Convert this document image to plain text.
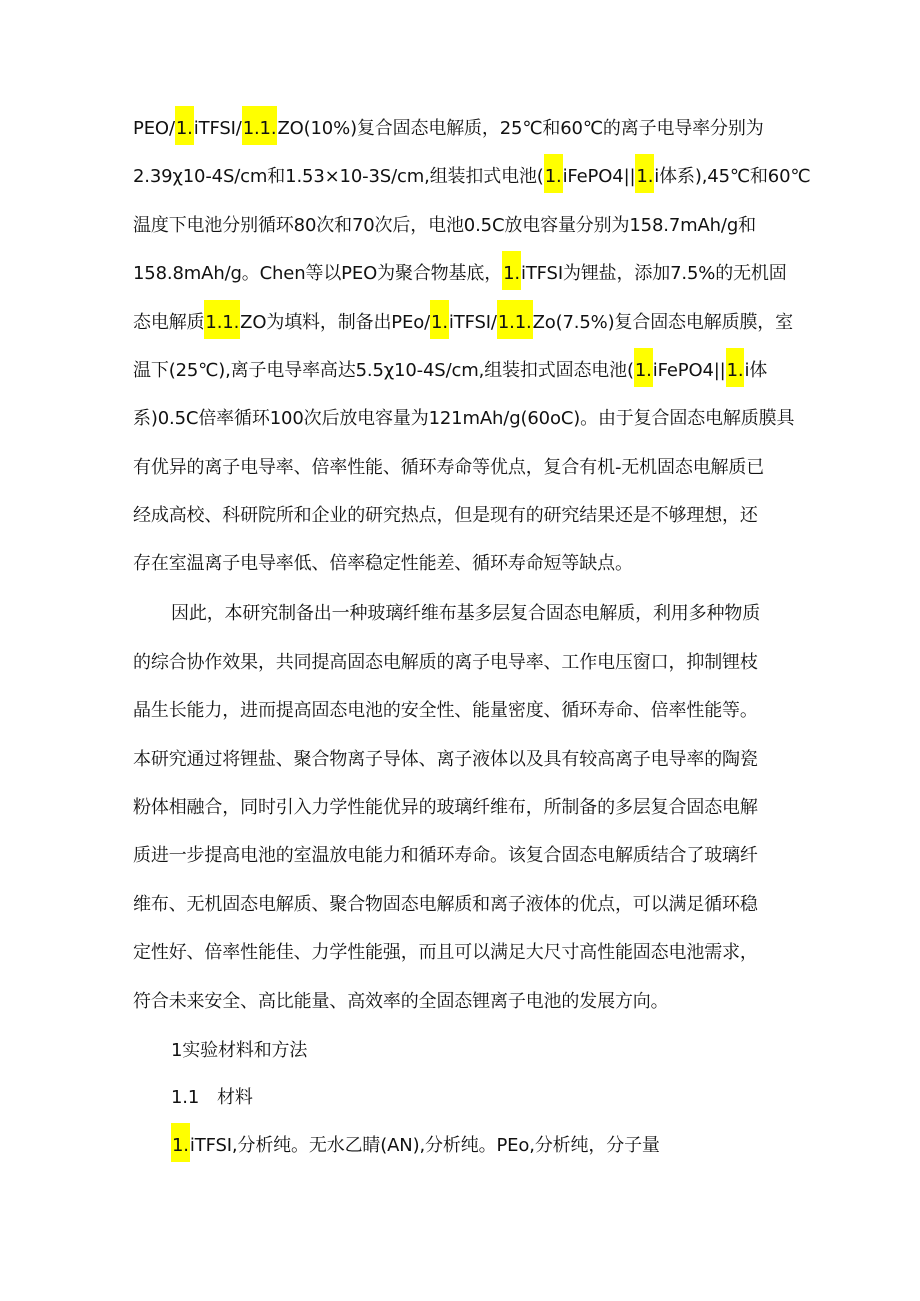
PEO/1.iTFSI/1.1.ZO(10%)复合固态电解质，25℃和60℃的离子电导率分别为
2.39χ10-4S∕cm和1.53×10-3S/cm,组装扣式电池(1.iFePO4||1.i体系),45℃和60℃
温度下电池分别循环80次和70次后，电池0.5C放电容量分别为158.7mAh/g和
158.8mAh∕g。Chen等以PEO为聚合物基底，1.iTFSI为锂盐，添加7.5%的无机固
态电解质1.1.ZO为填料，制备出PEo/1.iTFSI/1.1.Zo(7.5%)复合固态电解质膜，室
温下(25℃),离子电导率高达5.5χ10-4S/cm,组装扣式固态电池(1.iFePO4||1.i体
系)0.5C倍率循环100次后放电容量为121mAh∕g(60oC)。由于复合固态电解质膜具
有优异的离子电导率、倍率性能、循环寿命等优点，复合有机-无机固态电解质已
经成高校、科研院所和企业的研究热点，但是现有的研究结果还是不够理想，还
存在室温离子电导率低、倍率稳定性能差、循环寿命短等缺点。
因此，本研究制备出一种玻璃纤维布基多层复合固态电解质，利用多种物质
的综合协作效果，共同提高固态电解质的离子电导率、工作电压窗口，抑制锂枝
晶生长能力，进而提高固态电池的安全性、能量密度、循环寿命、倍率性能等。
本研究通过将锂盐、聚合物离子导体、离子液体以及具有较高离子电导率的陶瓷
粉体相融合，同时引入力学性能优异的玻璃纤维布，所制备的多层复合固态电解
质进一步提高电池的室温放电能力和循环寿命。该复合固态电解质结合了玻璃纤
维布、无机固态电解质、聚合物固态电解质和离子液体的优点，可以满足循环稳
定性好、倍率性能佳、力学性能强，而且可以满足大尺寸高性能固态电池需求，
符合未来安全、高比能量、高效率的全固态锂离子电池的发展方向。
1实验材料和方法
1.1 材料
1.iTFSI,分析纯。无水乙睛(AN),分析纯。PEo,分析纯，分子量
